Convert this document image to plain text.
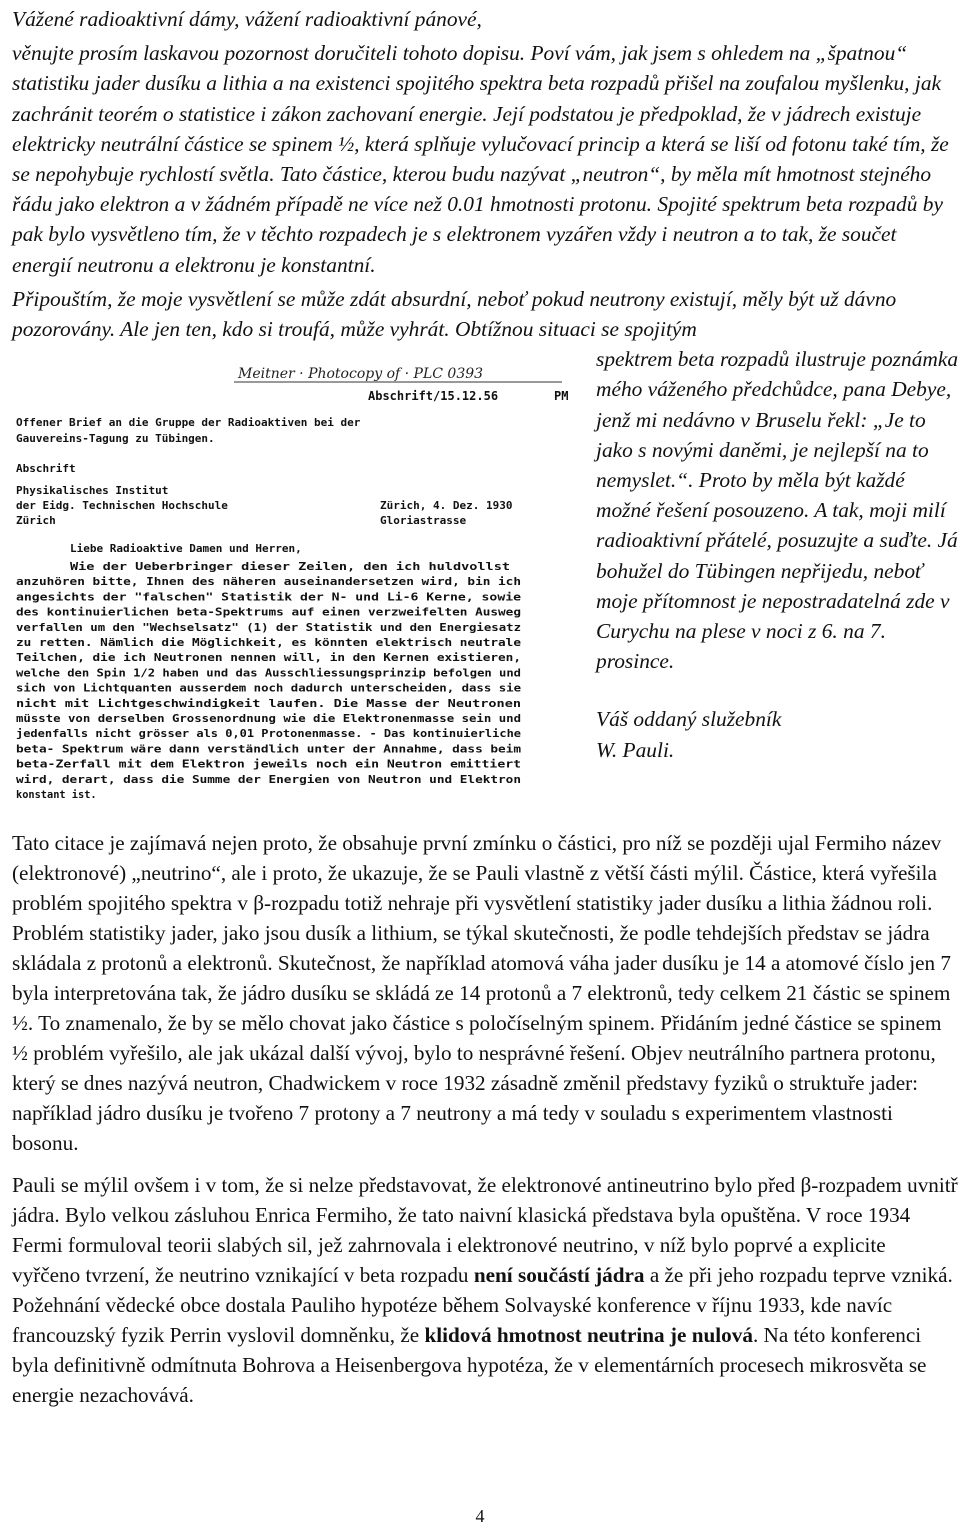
Vážené radioaktivní dámy, vážení radioaktivní pánové,

věnujte prosím laskavou pozornost doručiteli tohoto dopisu. Poví vám, jak jsem s ohledem na „špatnou“ statistiku jader dusíku a lithia a na existenci spojitého spektra beta rozpadů přišel na zoufalou myšlenku, jak zachránit teorém o statistice i zákon zachovaní energie. Její podstatou je předpoklad, že v jádrech existuje elektricky neutrální částice se spinem ½, která splňuje vylučovací princip a která se liší od fotonu také tím, že se nepohybuje rychlostí světla. Tato částice, kterou budu nazývat „neutron“, by měla mít hmotnost stejného řádu jako elektron a v žádném případě ne více než 0.01 hmotnosti protonu. Spojité spektrum beta rozpadů by pak bylo vysvětleno tím, že v těchto rozpadech je s elektronem vyzářen vždy i neutron a to tak, že součet energií neutronu a elektronu je konstantní.

Připouštím, že moje vysvětlení se může zdát absurdní, neboť pokud neutrony existují, měly být už dávno pozorovány. Ale jen ten, kdo si troufá, může vyhrát. Obtížnou situaci se spojitým

spektrem beta rozpadů ilustruje poznámka mého váženého předchůdce, pana Debye, jenž mi nedávno v Bruselu řekl: „Je to jako s novými daněmi, je nejlepší na to nemyslet.“. Proto by měla být každé možné řešení posouzeno. A tak, moji milí radioaktivní přátelé, posuzujte a suďte. Já bohužel do Tübingen nepřijedu, neboť moje přítomnost je nepostradatelná zde v Curychu na plese v noci z 6. na 7. prosince.
Váš oddaný služebník
W. Pauli.
Meitner · Photocopy of · PLC 0393
Abschrift/15.12.56	PM
Offener Brief an die Gruppe der Radioaktiven bei der
Gauvereins-Tagung zu Tübingen.
Abschrift
Physikalisches Institut
der Eidg. Technischen Hochschule
Zürich
Zürich, 4. Dez. 1930
Gloriastrasse
Liebe Radioaktive Damen und Herren,
Wie der Ueberbringer dieser Zeilen, den ich huldvollst
anzuhören bitte, Ihnen des näheren auseinandersetzen wird, bin ich
angesichts der "falschen" Statistik der N- und Li-6 Kerne, sowie
des kontinuierlichen beta-Spektrums auf einen verzweifelten Ausweg
verfallen um den "Wechselsatz" (1) der Statistik und den Energiesatz
zu retten. Nämlich die Möglichkeit, es könnten elektrisch neutrale
Teilchen, die ich Neutronen nennen will, in den Kernen existieren,
welche den Spin 1/2 haben und das Ausschliessungsprinzip befolgen und
sich von Lichtquanten ausserdem noch dadurch unterscheiden, dass sie
nicht mit Lichtgeschwindigkeit laufen. Die Masse der Neutronen
müsste von derselben Grossenordnung wie die Elektronenmasse sein und
jedenfalls nicht grösser als 0,01 Protonenmasse. - Das kontinuierliche
beta- Spektrum wäre dann verständlich unter der Annahme, dass beim
beta-Zerfall mit dem Elektron jeweils noch ein Neutron emittiert
wird, derart, dass die Summe der Energien von Neutron und Elektron
konstant ist.

Tato citace je zajímavá nejen proto, že obsahuje první zmínku o částici, pro níž se později ujal Fermiho název (elektronové) „neutrino“, ale i proto, že ukazuje, že se Pauli vlastně z větší části mýlil. Částice, která vyřešila problém spojitého spektra v β-rozpadu totiž nehraje při vysvětlení statistiky jader dusíku a lithia žádnou roli. Problém statistiky jader, jako jsou dusík a lithium, se týkal skutečnosti, že podle tehdejších představ se jádra skládala z protonů a elektronů. Skutečnost, že například atomová váha jader dusíku je 14 a atomové číslo jen 7 byla interpretována tak, že jádro dusíku se skládá ze 14 protonů a 7 elektronů, tedy celkem 21 částic se spinem ½. To znamenalo, že by se mělo chovat jako částice s poločíselným spinem. Přidáním jedné částice se spinem ½ problém vyřešilo, ale jak ukázal další vývoj, bylo to nesprávné řešení. Objev neutrálního partnera protonu, který se dnes nazývá neutron, Chadwickem v roce 1932 zásadně změnil představy fyziků o struktuře jader: například jádro dusíku je tvořeno 7 protony a 7 neutrony a má tedy v souladu s experimentem vlastnosti bosonu.

Pauli se mýlil ovšem i v tom, že si nelze představovat, že elektronové antineutrino bylo před β-rozpadem uvnitř jádra. Bylo velkou zásluhou Enrica Fermiho, že tato naivní klasická představa byla opuštěna. V roce 1934 Fermi formuloval teorii slabých sil, jež zahrnovala i elektronové neutrino, v níž bylo poprvé a explicite vyřčeno tvrzení, že neutrino vznikající v beta rozpadu není součástí jádra a že při jeho rozpadu teprve vzniká. Požehnání vědecké obce dostala Pauliho hypotéze během Solvayské konference v říjnu 1933, kde navíc francouzský fyzik Perrin vyslovil domněnku, že klidová hmotnost neutrina je nulová. Na této konferenci byla definitivně odmítnuta Bohrova a Heisenbergova hypotéza, že v elementárních procesech mikrosvěta se energie nezachovává.

4
